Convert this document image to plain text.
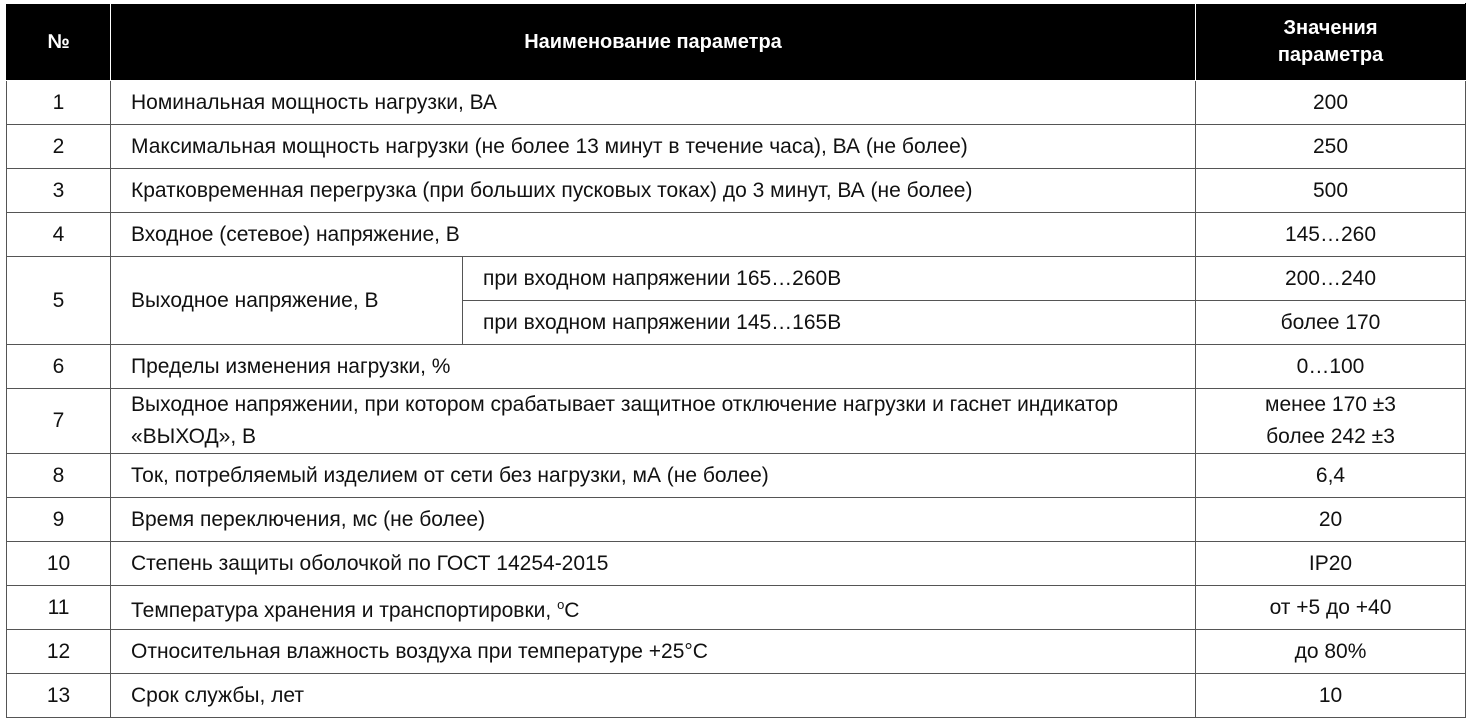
№	Наименование параметра		Значения
параметра

1	Номинальная мощность нагрузки, ВА		200
2	Максимальная мощность нагрузки (не более 13 минут в течение часа), ВА (не более)		250
3	Кратковременная перегрузка (при больших пусковых токах) до 3 минут, ВА (не более)		500
4	Входное (сетевое) напряжение, В		145…260
5	Выходное напряжение, В	при входном напряжении 165…260В	200…240
		при входном напряжении 145…165В	более 170
6	Пределы изменения нагрузки, %		0…100
7	Выходное напряжении, при котором срабатывает защитное отключение нагрузки и гаснет индикатор «ВЫХОД», В		менее 170 ±3
более 242 ±3

8	Ток, потребляемый изделием от сети без нагрузки, мА (не более)		6,4
9	Время переключения, мс (не более)		20
10	Степень защиты оболочкой по ГОСТ 14254-2015		IP20
11	Температура хранения и транспортировки, $^о$С		от +5 до +40
12	Относительная влажность воздуха при температуре +25°С		до 80%
13	Срок службы, лет		10
